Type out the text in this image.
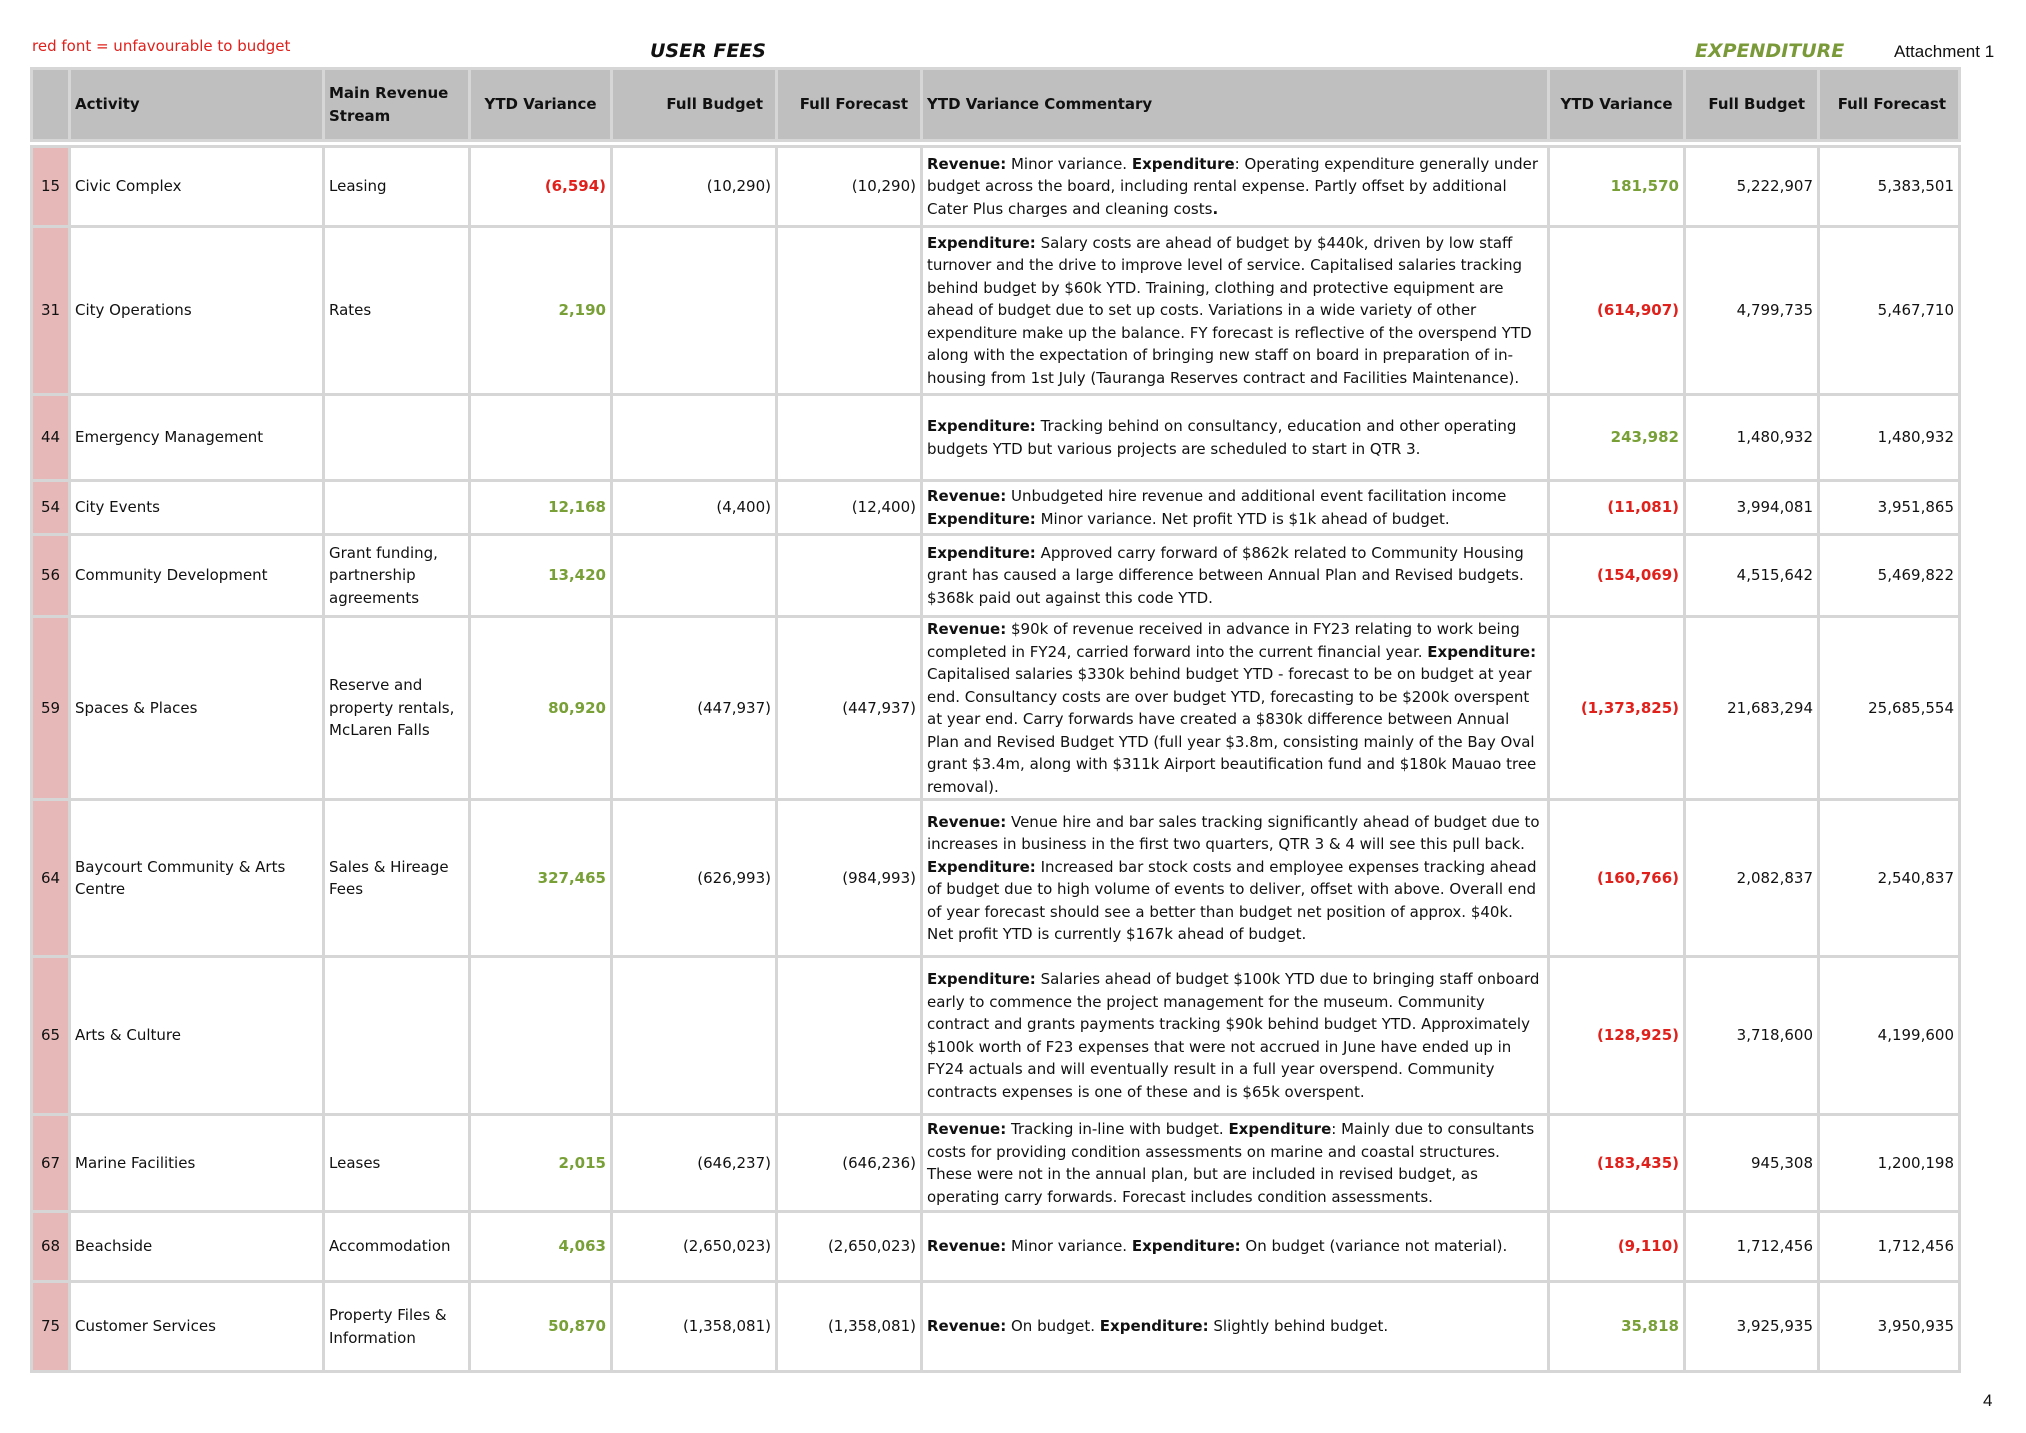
red font = unfavourable to budget	USER FEES	EXPENDITURE	Attachment 1
	Activity	Main Revenue Stream	YTD Variance	Full Budget	Full Forecast	YTD Variance Commentary	YTD Variance	Full Budget	Full Forecast

15	Civic Complex	Leasing	(6,594)	(10,290)	(10,290)	Revenue: Minor variance. Expenditure: Operating expenditure generally under budget across the board, including rental expense. Partly offset by additional Cater Plus charges and cleaning costs.	181,570	5,222,907	5,383,501
31	City Operations	Rates	2,190			Expenditure: Salary costs are ahead of budget by $440k, driven by low staff turnover and the drive to improve level of service. Capitalised salaries tracking behind budget by $60k YTD. Training, clothing and protective equipment are ahead of budget due to set up costs. Variations in a wide variety of other expenditure make up the balance. FY forecast is reflective of the overspend YTD along with the expectation of bringing new staff on board in preparation of in-housing from 1st July (Tauranga Reserves contract and Facilities Maintenance).	(614,907)	4,799,735	5,467,710
44	Emergency Management					Expenditure: Tracking behind on consultancy, education and other operating budgets YTD but various projects are scheduled to start in QTR 3.	243,982	1,480,932	1,480,932
54	City Events		12,168	(4,400)	(12,400)	Revenue: Unbudgeted hire revenue and additional event facilitation income
Expenditure: Minor variance. Net profit YTD is $1k ahead of budget.	(11,081)	3,994,081	3,951,865
56	Community Development	Grant funding, partnership agreements	13,420			Expenditure: Approved carry forward of $862k related to Community Housing grant has caused a large difference between Annual Plan and Revised budgets. $368k paid out against this code YTD.	(154,069)	4,515,642	5,469,822
59	Spaces & Places	Reserve and property rentals, McLaren Falls	80,920	(447,937)	(447,937)	Revenue: $90k of revenue received in advance in FY23 relating to work being completed in FY24, carried forward into the current financial year. Expenditure: Capitalised salaries $330k behind budget YTD - forecast to be on budget at year end. Consultancy costs are over budget YTD, forecasting to be $200k overspent at year end. Carry forwards have created a $830k difference between Annual Plan and Revised Budget YTD (full year $3.8m, consisting mainly of the Bay Oval grant $3.4m, along with $311k Airport beautification fund and $180k Mauao tree removal).	(1,373,825)	21,683,294	25,685,554
64	Baycourt Community & Arts Centre	Sales & Hireage Fees	327,465	(626,993)	(984,993)	Revenue: Venue hire and bar sales tracking significantly ahead of budget due to increases in business in the first two quarters, QTR 3 & 4 will see this pull back.
Expenditure: Increased bar stock costs and employee expenses tracking ahead of budget due to high volume of events to deliver, offset with above. Overall end of year forecast should see a better than budget net position of approx. $40k. Net profit YTD is currently $167k ahead of budget.	(160,766)	2,082,837	2,540,837
65	Arts & Culture					Expenditure: Salaries ahead of budget $100k YTD due to bringing staff onboard early to commence the project management for the museum. Community contract and grants payments tracking $90k behind budget YTD. Approximately $100k worth of F23 expenses that were not accrued in June have ended up in FY24 actuals and will eventually result in a full year overspend. Community contracts expenses is one of these and is $65k overspent.	(128,925)	3,718,600	4,199,600
67	Marine Facilities	Leases	2,015	(646,237)	(646,236)	Revenue: Tracking in-line with budget. Expenditure: Mainly due to consultants costs for providing condition assessments on marine and coastal structures. These were not in the annual plan, but are included in revised budget, as operating carry forwards. Forecast includes condition assessments.	(183,435)	945,308	1,200,198
68	Beachside	Accommodation	4,063	(2,650,023)	(2,650,023)	Revenue: Minor variance. Expenditure: On budget (variance not material).	(9,110)	1,712,456	1,712,456
75	Customer Services	Property Files & Information	50,870	(1,358,081)	(1,358,081)	Revenue: On budget. Expenditure: Slightly behind budget.	35,818	3,925,935	3,950,935
4
